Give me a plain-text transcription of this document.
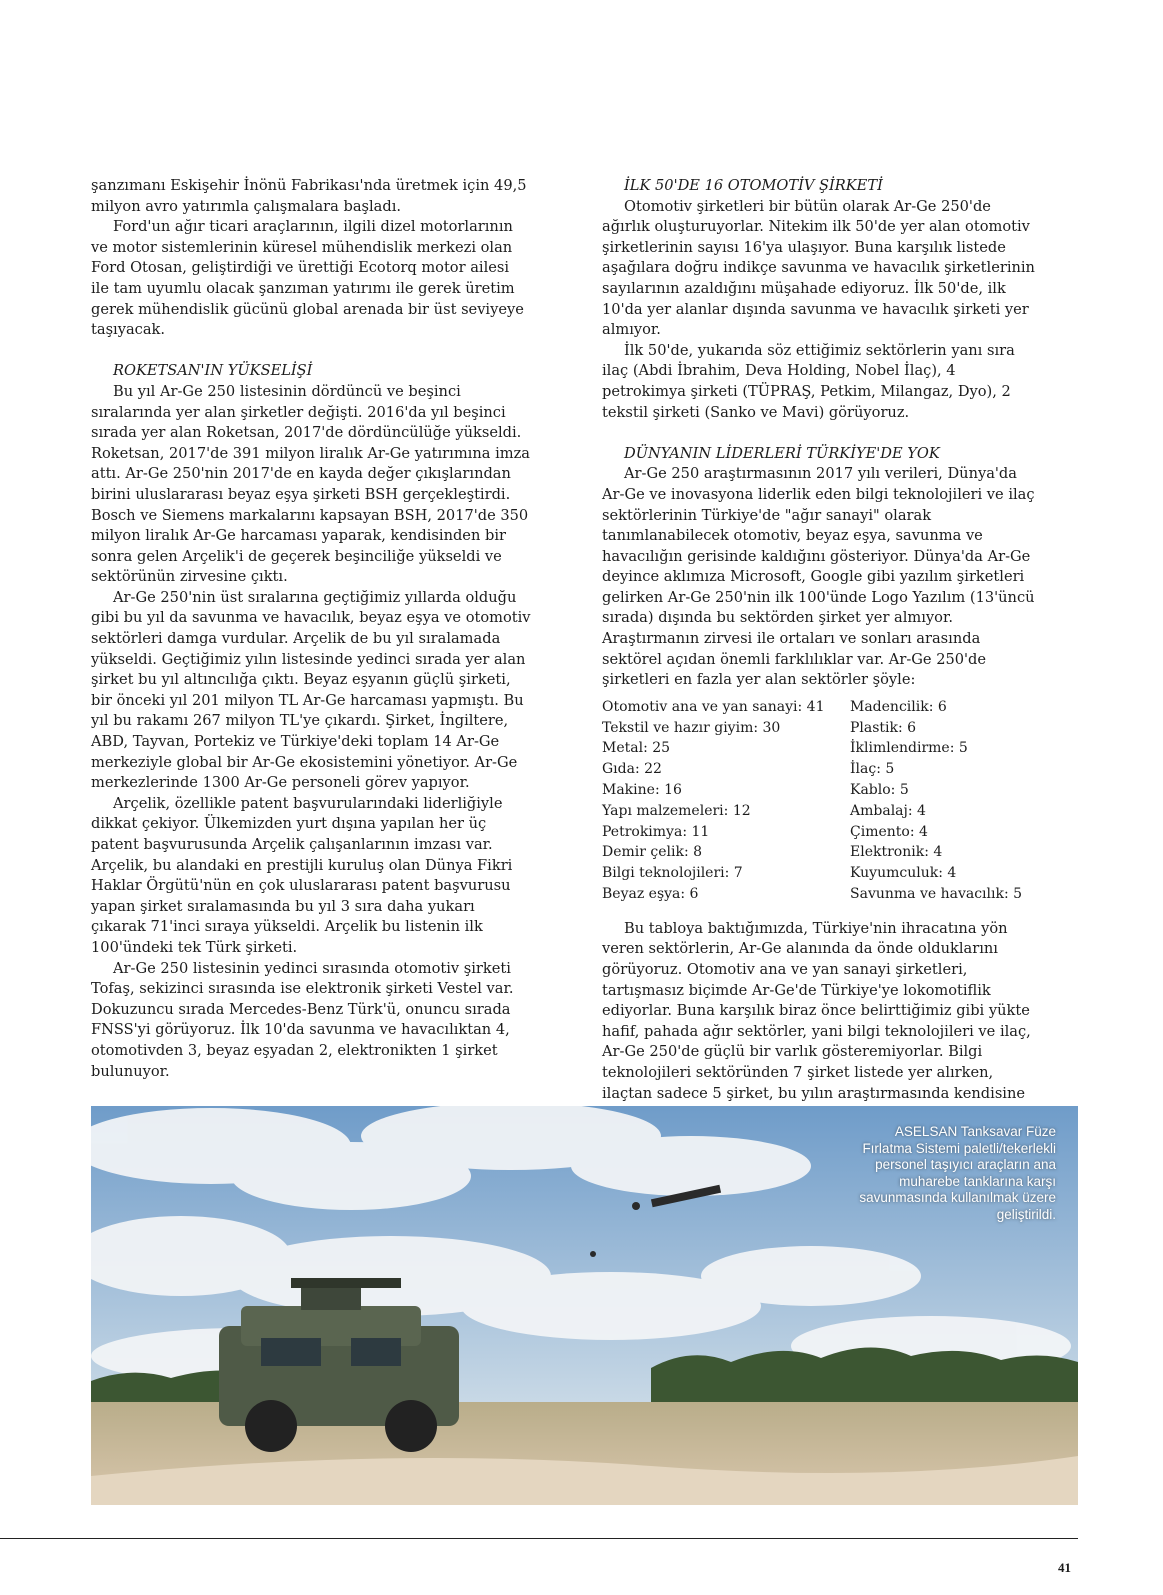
şanzımanı Eskişehir İnönü Fabrikası'nda üretmek için 49,5 milyon avro yatırımla çalışmalara başladı.

Ford'un ağır ticari araçlarının, ilgili dizel motorlarının ve motor sistemlerinin küresel mühendislik merkezi olan Ford Otosan, geliştirdiği ve ürettiği Ecotorq motor ailesi ile tam uyumlu olacak şanzıman yatırımı ile gerek üretim gerek mühendislik gücünü global arenada bir üst seviyeye taşıyacak.

ROKETSAN'IN YÜKSELİŞİ

Bu yıl Ar-Ge 250 listesinin dördüncü ve beşinci sıralarında yer alan şirketler değişti. 2016'da yıl beşinci sırada yer alan Roketsan, 2017'de dördüncülüğe yükseldi. Roketsan, 2017'de 391 milyon liralık Ar-Ge yatırımına imza attı. Ar-Ge 250'nin 2017'de en kayda değer çıkışlarından birini uluslararası beyaz eşya şirketi BSH gerçekleştirdi.

Bosch ve Siemens markalarını kapsayan BSH, 2017'de 350 milyon liralık Ar-Ge harcaması yaparak, kendisinden bir sonra gelen Arçelik'i de geçerek beşinciliğe yükseldi ve sektörünün zirvesine çıktı.

Ar-Ge 250'nin üst sıralarına geçtiğimiz yıllarda olduğu gibi bu yıl da savunma ve havacılık, beyaz eşya ve otomotiv sektörleri damga vurdular. Arçelik de bu yıl sıralamada yükseldi. Geçtiğimiz yılın listesinde yedinci sırada yer alan şirket bu yıl altıncılığa çıktı. Beyaz eşyanın güçlü şirketi, bir önceki yıl 201 milyon TL Ar-Ge harcaması yapmıştı. Bu yıl bu rakamı 267 milyon TL'ye çıkardı. Şirket, İngiltere, ABD, Tayvan, Portekiz ve Türkiye'deki toplam 14 Ar-Ge merkeziyle global bir Ar-Ge ekosistemini yönetiyor. Ar-Ge merkezlerinde 1300 Ar-Ge personeli görev yapıyor.

Arçelik, özellikle patent başvurularındaki liderliğiyle dikkat çekiyor. Ülkemizden yurt dışına yapılan her üç patent başvurusunda Arçelik çalışanlarının imzası var. Arçelik, bu alandaki en prestijli kuruluş olan Dünya Fikri Haklar Örgütü'nün en çok uluslararası patent başvurusu yapan şirket sıralamasında bu yıl 3 sıra daha yukarı çıkarak 71'inci sıraya yükseldi. Arçelik bu listenin ilk 100'ündeki tek Türk şirketi.

Ar-Ge 250 listesinin yedinci sırasında otomotiv şirketi Tofaş, sekizinci sırasında ise elektronik şirketi Vestel var. Dokuzuncu sırada Mercedes-Benz Türk'ü, onuncu sırada FNSS'yi görüyoruz. İlk 10'da savunma ve havacılıktan 4, otomotivden 3, beyaz eşyadan 2, elektronikten 1 şirket bulunuyor.

İLK 50'DE 16 OTOMOTİV ŞİRKETİ

Otomotiv şirketleri bir bütün olarak Ar-Ge 250'de ağırlık oluşturuyorlar. Nitekim ilk 50'de yer alan otomotiv şirketlerinin sayısı 16'ya ulaşıyor. Buna karşılık listede aşağılara doğru indikçe savunma ve havacılık şirketlerinin sayılarının azaldığını müşahade ediyoruz. İlk 50'de, ilk 10'da yer alanlar dışında savunma ve havacılık şirketi yer almıyor.

İlk 50'de, yukarıda söz ettiğimiz sektörlerin yanı sıra ilaç (Abdi İbrahim, Deva Holding, Nobel İlaç), 4 petrokimya şirketi (TÜPRAŞ, Petkim, Milangaz, Dyo), 2 tekstil şirketi (Sanko ve Mavi) görüyoruz.

DÜNYANIN LİDERLERİ TÜRKİYE'DE YOK

Ar-Ge 250 araştırmasının 2017 yılı verileri, Dünya'da Ar-Ge ve inovasyona liderlik eden bilgi teknolojileri ve ilaç sektörlerinin Türkiye'de "ağır sanayi" olarak tanımlanabilecek otomotiv, beyaz eşya, savunma ve havacılığın gerisinde kaldığını gösteriyor. Dünya'da Ar-Ge deyince aklımıza Microsoft, Google gibi yazılım şirketleri gelirken Ar-Ge 250'nin ilk 100'ünde Logo Yazılım (13'üncü sırada) dışında bu sektörden şirket yer almıyor. Araştırmanın zirvesi ile ortaları ve sonları arasında sektörel açıdan önemli farklılıklar var. Ar-Ge 250'de şirketleri en fazla yer alan sektörler şöyle:

Otomotiv ana ve yan sanayi: 41	Madencilik: 6
Tekstil ve hazır giyim: 30	Plastik: 6
Metal: 25	İklimlendirme: 5
Gıda: 22	İlaç: 5
Makine: 16	Kablo: 5
Yapı malzemeleri: 12	Ambalaj: 4
Petrokimya: 11	Çimento: 4
Demir çelik: 8	Elektronik: 4
Bilgi teknolojileri: 7	Kuyumculuk: 4
Beyaz eşya: 6	Savunma ve havacılık: 5

Bu tabloya baktığımızda, Türkiye'nin ihracatına yön veren sektörlerin, Ar-Ge alanında da önde olduklarını görüyoruz. Otomotiv ana ve yan sanayi şirketleri, tartışmasız biçimde Ar-Ge'de Türkiye'ye lokomotiflik ediyorlar. Buna karşılık biraz önce belirttiğimiz gibi yükte hafif, pahada ağır sektörler, yani bilgi teknolojileri ve ilaç, Ar-Ge 250'de güçlü bir varlık gösteremiyorlar. Bilgi teknolojileri sektöründen 7 şirket listede yer alırken, ilaçtan sadece 5 şirket, bu yılın araştırmasında kendisine

ASELSAN Tanksavar Füze Fırlatma Sistemi paletli/tekerlekli personel taşıyıcı araçların ana muharebe tanklarına karşı savunmasında kullanılmak üzere geliştirildi.
41
